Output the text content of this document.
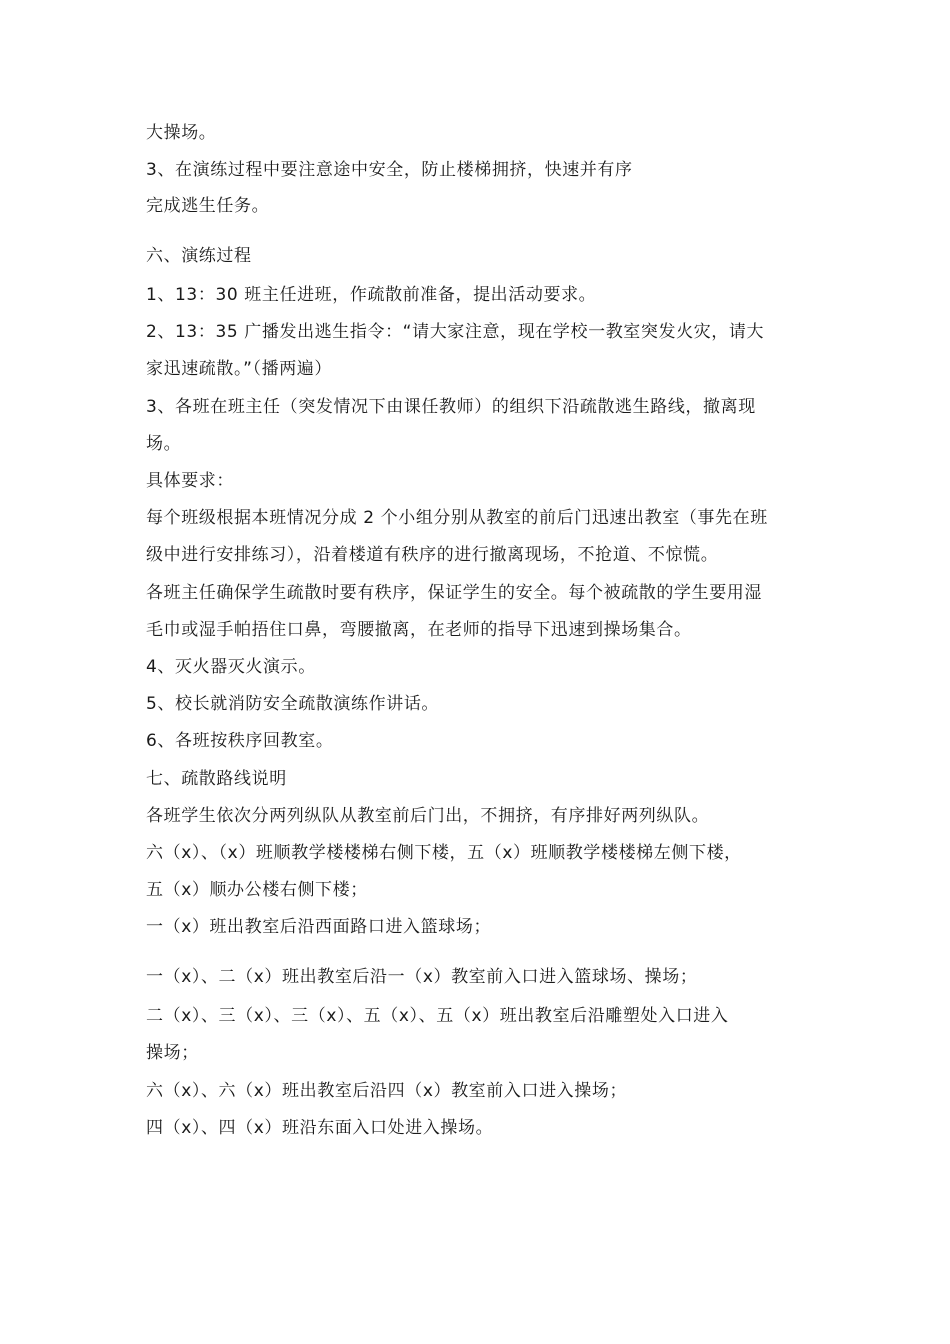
大操场。
3、在演练过程中要注意途中安全，防止楼梯拥挤，快速并有序
完成逃生任务。
六、演练过程
1、13：30 班主任进班，作疏散前准备，提出活动要求。
2、13：35 广播发出逃生指令：“请大家注意，现在学校一教室突发火灾，请大
家迅速疏散。”（播两遍）
3、各班在班主任（突发情况下由课任教师）的组织下沿疏散逃生路线，撤离现
场。
具体要求：
每个班级根据本班情况分成 2 个小组分别从教室的前后门迅速出教室（事先在班
级中进行安排练习），沿着楼道有秩序的进行撤离现场，不抢道、不惊慌。
各班主任确保学生疏散时要有秩序，保证学生的安全。每个被疏散的学生要用湿
毛巾或湿手帕捂住口鼻，弯腰撤离，在老师的指导下迅速到操场集合。
4、灭火器灭火演示。
5、校长就消防安全疏散演练作讲话。
6、各班按秩序回教室。
七、疏散路线说明
各班学生依次分两列纵队从教室前后门出，不拥挤，有序排好两列纵队。
六（x）、（x）班顺教学楼楼梯右侧下楼，五（x）班顺教学楼楼梯左侧下楼，
五（x）顺办公楼右侧下楼；
一（x）班出教室后沿西面路口进入篮球场；
一（x）、二（x）班出教室后沿一（x）教室前入口进入篮球场、操场；
二（x）、三（x）、三（x）、五（x）、五（x）班出教室后沿雕塑处入口进入
操场；
六（x）、六（x）班出教室后沿四（x）教室前入口进入操场；
四（x）、四（x）班沿东面入口处进入操场。
